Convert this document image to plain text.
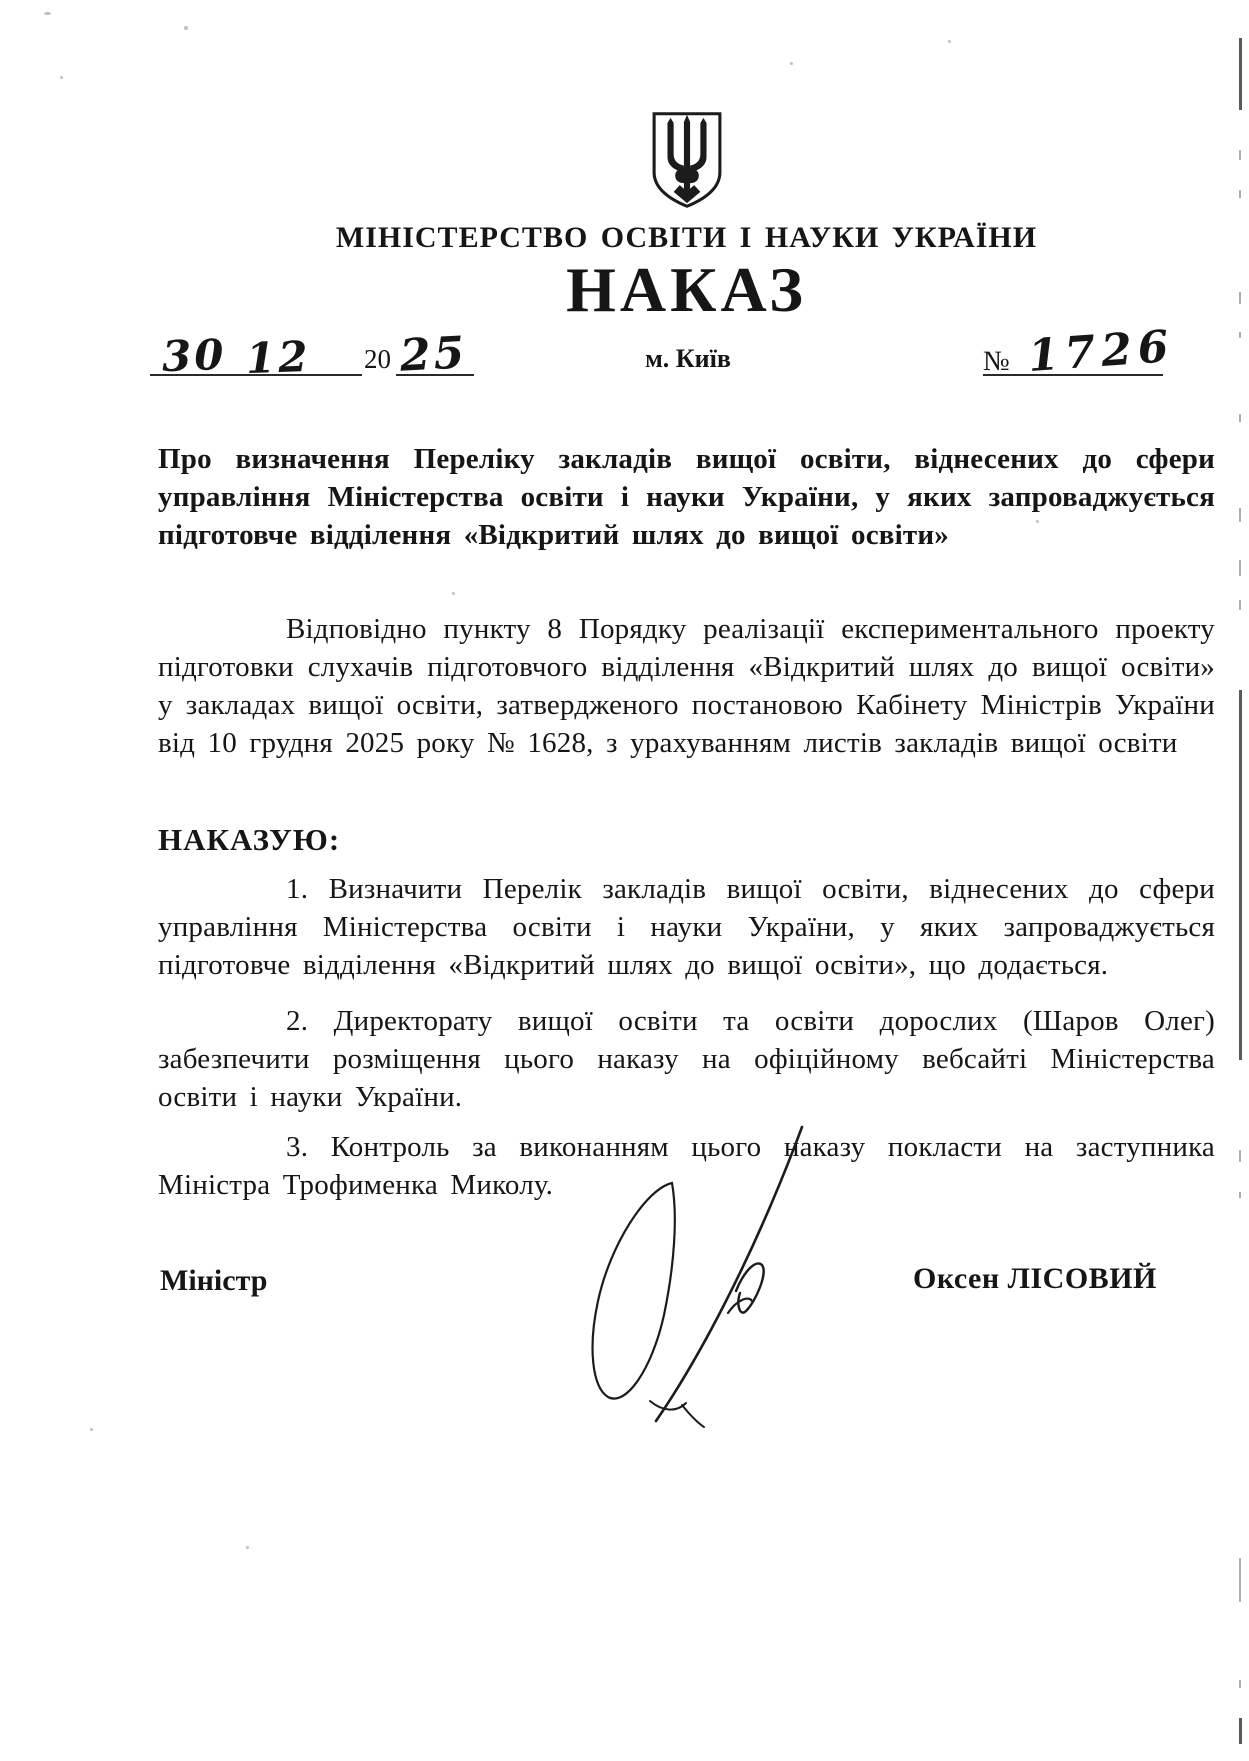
МІНІСТЕРСТВО ОСВІТИ І НАУКИ УКРАЇНИ
НАКАЗ
30 12 20 25	м. Київ	№ 1726
Про визначення Переліку закладів вищої освіти, віднесених до сфери управління Міністерства освіти і науки України, у яких запроваджується підготовче відділення «Відкритий шлях до вищої освіти»
Відповідно пункту 8 Порядку реалізації експериментального проекту підготовки слухачів підготовчого відділення «Відкритий шлях до вищої освіти» у закладах вищої освіти, затвердженого постановою Кабінету Міністрів України від 10 грудня 2025 року № 1628, з урахуванням листів закладів вищої освіти
НАКАЗУЮ:
1. Визначити Перелік закладів вищої освіти, віднесених до сфери управління Міністерства освіти і науки України, у яких запроваджується підготовче відділення «Відкритий шлях до вищої освіти», що додається.
2. Директорату вищої освіти та освіти дорослих (Шаров Олег) забезпечити розміщення цього наказу на офіційному вебсайті Міністерства освіти і науки України.
3. Контроль за виконанням цього наказу покласти на заступника Міністра Трофименка Миколу.
Міністр	Оксен ЛІСОВИЙ
